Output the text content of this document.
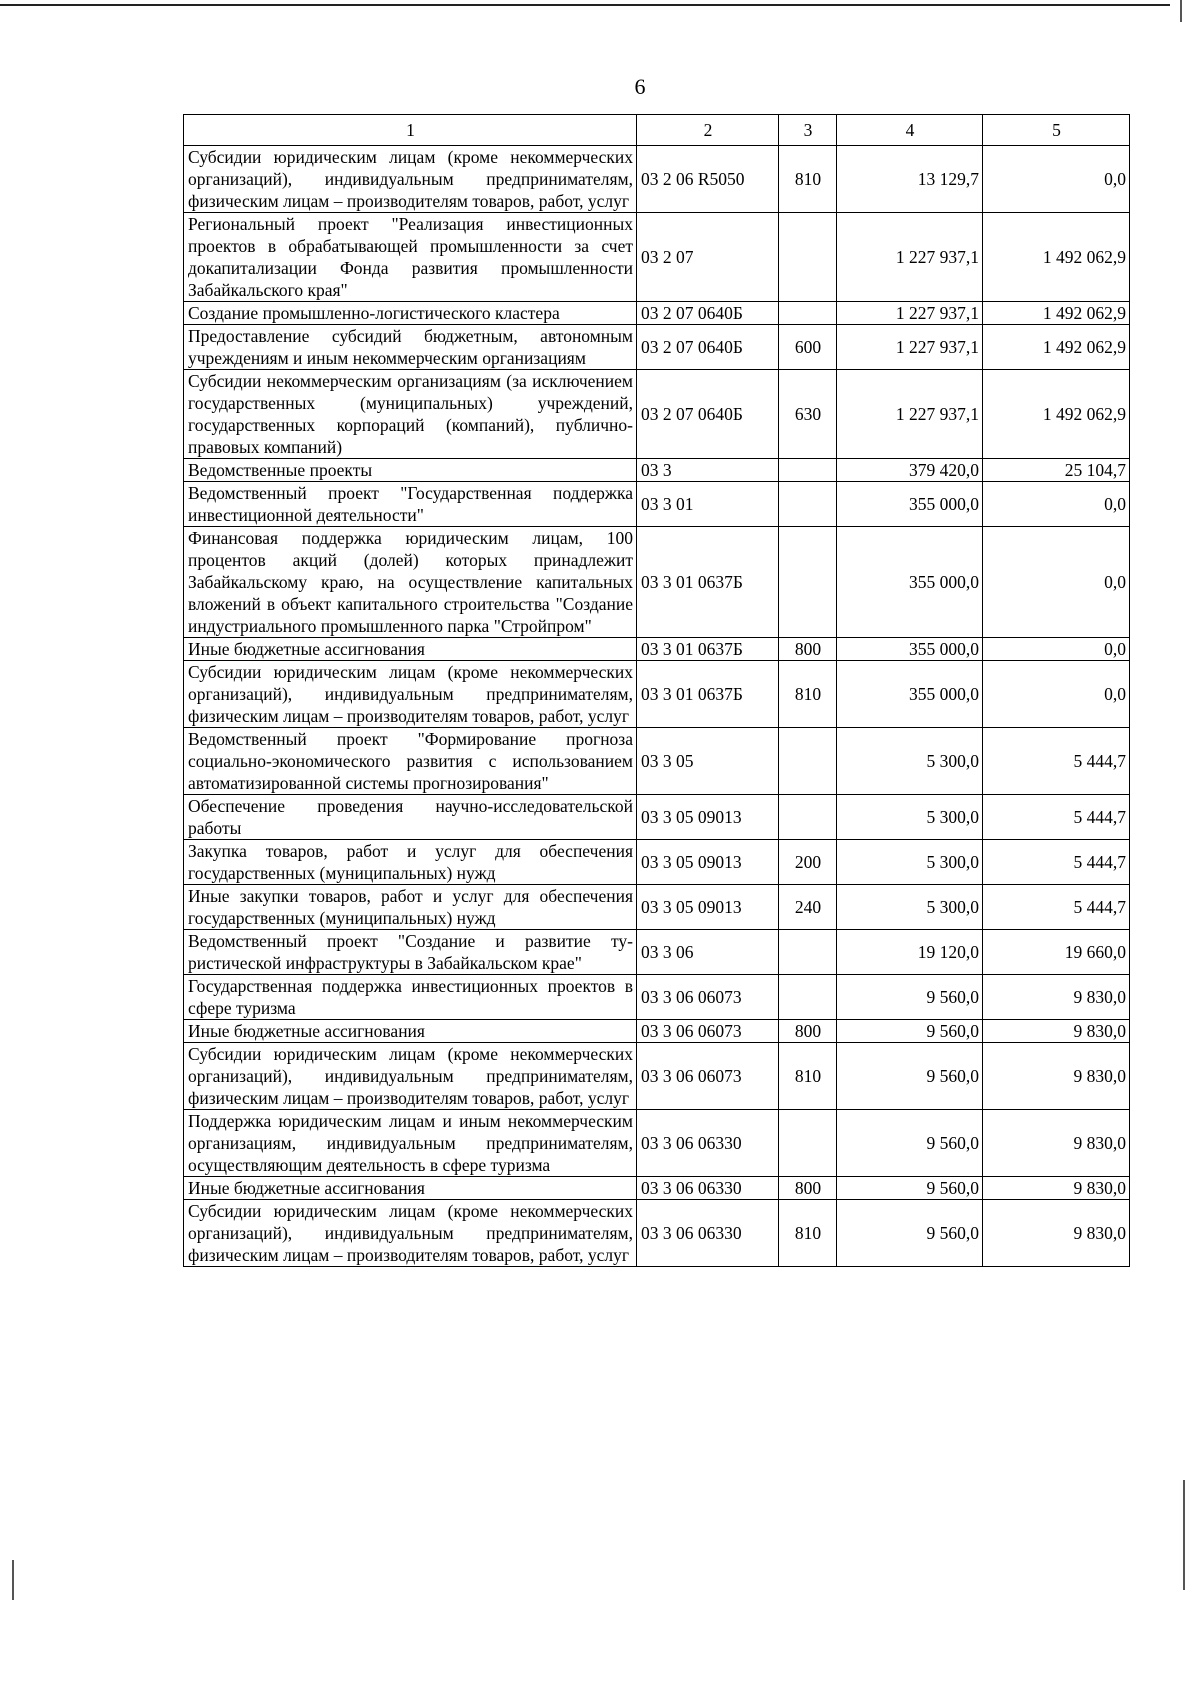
6
1	2	3	4	5
Субсидии юридическим лицам (кроме некоммерческих организаций), индивидуальным предпринимателям, физическим лицам – производителям товаров, работ, услуг	03 2 06 R5050	810	13 129,7	0,0
Региональный проект "Реализация инвестиционных проектов в обрабатывающей промышленности за счет докапитализации Фонда развития промышленности Забайкальского края"	03 2 07		1 227 937,1	1 492 062,9
Создание промышленно-логистического кластера	03 2 07 0640Б		1 227 937,1	1 492 062,9
Предоставление субсидий бюджетным, автономным учреждениям и иным некоммерческим организациям	03 2 07 0640Б	600	1 227 937,1	1 492 062,9
Субсидии некоммерческим организациям (за исключением государственных (муниципальных) учреждений, государственных корпораций (компаний), публично-правовых компаний)	03 2 07 0640Б	630	1 227 937,1	1 492 062,9
Ведомственные проекты	03 3		379 420,0	25 104,7
Ведомственный проект "Государственная поддержка инвестиционной деятельности"	03 3 01		355 000,0	0,0
Финансовая поддержка юридическим лицам, 100 процентов акций (долей) которых принадлежит Забайкальскому краю, на осуществление капитальных вложений в объект капитального строительства "Создание индустриального промышленного парка "Стройпром"	03 3 01 0637Б		355 000,0	0,0
Иные бюджетные ассигнования	03 3 01 0637Б	800	355 000,0	0,0
Субсидии юридическим лицам (кроме некоммерческих организаций), индивидуальным предпринимателям, физическим лицам – производителям товаров, работ, услуг	03 3 01 0637Б	810	355 000,0	0,0
Ведомственный проект "Формирование прогноза социально-экономического развития с использованием автоматизированной системы прогнозирования"	03 3 05		5 300,0	5 444,7
Обеспечение проведения научно-исследовательской работы	03 3 05 09013		5 300,0	5 444,7
Закупка товаров, работ и услуг для обеспечения государственных (муниципальных) нужд	03 3 05 09013	200	5 300,0	5 444,7
Иные закупки товаров, работ и услуг для обеспечения государственных (муниципальных) нужд	03 3 05 09013	240	5 300,0	5 444,7
Ведомственный проект "Создание и развитие туристической инфраструктуры в Забайкальском крае"	03 3 06		19 120,0	19 660,0
Государственная поддержка инвестиционных проектов в сфере туризма	03 3 06 06073		9 560,0	9 830,0
Иные бюджетные ассигнования	03 3 06 06073	800	9 560,0	9 830,0
Субсидии юридическим лицам (кроме некоммерческих организаций), индивидуальным предпринимателям, физическим лицам – производителям товаров, работ, услуг	03 3 06 06073	810	9 560,0	9 830,0
Поддержка юридическим лицам и иным некоммерческим организациям, индивидуальным предпринимателям, осуществляющим деятельность в сфере туризма	03 3 06 06330		9 560,0	9 830,0
Иные бюджетные ассигнования	03 3 06 06330	800	9 560,0	9 830,0
Субсидии юридическим лицам (кроме некоммерческих организаций), индивидуальным предпринимателям, физическим лицам – производителям товаров, работ, услуг	03 3 06 06330	810	9 560,0	9 830,0
